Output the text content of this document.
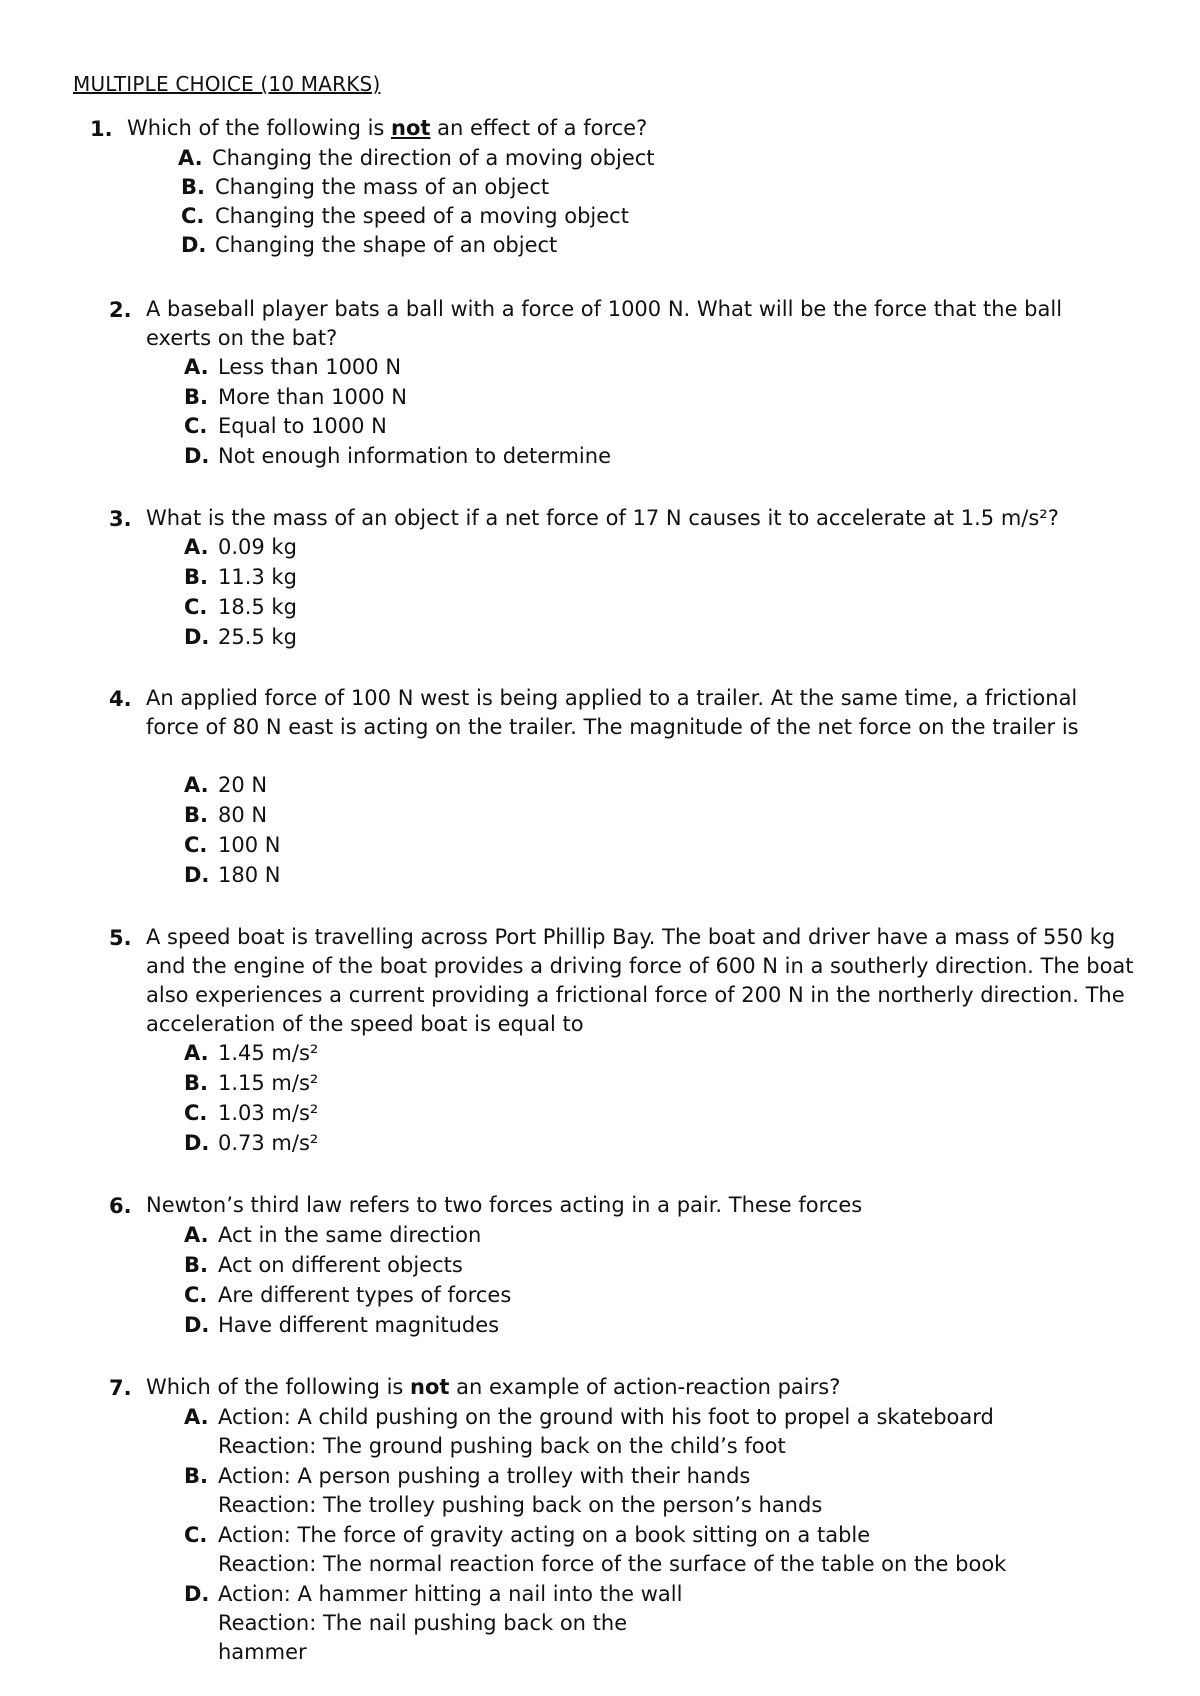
MULTIPLE CHOICE (10 MARKS)
1. Which of the following is not an effect of a force?
A. Changing the direction of a moving object
B. Changing the mass of an object
C. Changing the speed of a moving object
D. Changing the shape of an object
2. A baseball player bats a ball with a force of 1000 N. What will be the force that the ball exerts on the bat?
A. Less than 1000 N
B. More than 1000 N
C. Equal to 1000 N
D. Not enough information to determine
3. What is the mass of an object if a net force of 17 N causes it to accelerate at 1.5 m/s²?
A. 0.09 kg
B. 11.3 kg
C. 18.5 kg
D. 25.5 kg
4. An applied force of 100 N west is being applied to a trailer. At the same time, a frictional force of 80 N east is acting on the trailer. The magnitude of the net force on the trailer is
A. 20 N
B. 80 N
C. 100 N
D. 180 N
5. A speed boat is travelling across Port Phillip Bay. The boat and driver have a mass of 550 kg and the engine of the boat provides a driving force of 600 N in a southerly direction. The boat also experiences a current providing a frictional force of 200 N in the northerly direction. The acceleration of the speed boat is equal to
A. 1.45 m/s²
B. 1.15 m/s²
C. 1.03 m/s²
D. 0.73 m/s²
6. Newton’s third law refers to two forces acting in a pair. These forces
A. Act in the same direction
B. Act on different objects
C. Are different types of forces
D. Have different magnitudes
7. Which of the following is not an example of action-reaction pairs?
A. Action: A child pushing on the ground with his foot to propel a skateboard
Reaction: The ground pushing back on the child’s foot
B. Action: A person pushing a trolley with their hands
Reaction: The trolley pushing back on the person’s hands
C. Action: The force of gravity acting on a book sitting on a table
Reaction: The normal reaction force of the surface of the table on the book
D. Action: A hammer hitting a nail into the wall
Reaction: The nail pushing back on the
hammer
